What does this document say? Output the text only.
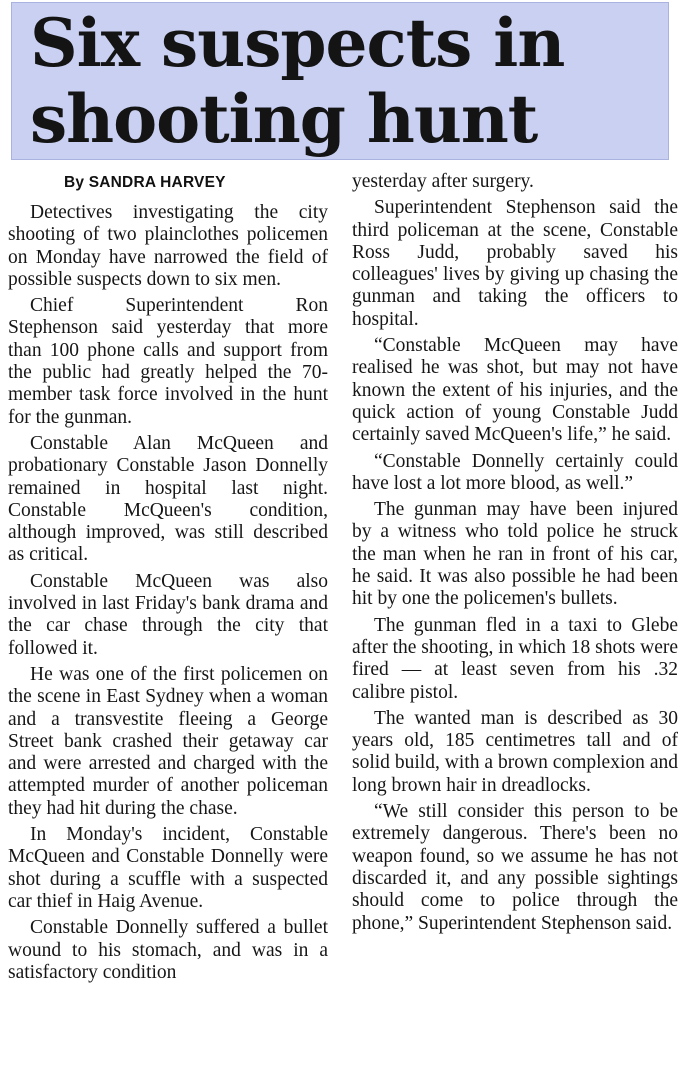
Six suspects in
shooting hunt
By SANDRA HARVEY

Detectives investigating the city shooting of two plainclothes policemen on Monday have narrowed the field of possible suspects down to six men.

Chief Superintendent Ron Stephenson said yesterday that more than 100 phone calls and support from the public had greatly helped the 70-member task force involved in the hunt for the gunman.

Constable Alan McQueen and probationary Constable Jason Donnelly remained in hospital last night. Constable McQueen's condition, although improved, was still described as critical.

Constable McQueen was also involved in last Friday's bank drama and the car chase through the city that followed it.

He was one of the first policemen on the scene in East Sydney when a woman and a transvestite fleeing a George Street bank crashed their getaway car and were arrested and charged with the attempted murder of another policeman they had hit during the chase.

In Monday's incident, Constable McQueen and Constable Donnelly were shot during a scuffle with a suspected car thief in Haig Avenue.

Constable Donnelly suffered a bullet wound to his stomach, and was in a satisfactory condition

yesterday after surgery.

Superintendent Stephenson said the third policeman at the scene, Constable Ross Judd, probably saved his colleagues' lives by giving up chasing the gunman and taking the officers to hospital.

“Constable McQueen may have realised he was shot, but may not have known the extent of his injuries, and the quick action of young Constable Judd certainly saved McQueen's life,” he said.

“Constable Donnelly certainly could have lost a lot more blood, as well.”

The gunman may have been injured by a witness who told police he struck the man when he ran in front of his car, he said. It was also possible he had been hit by one the policemen's bullets.

The gunman fled in a taxi to Glebe after the shooting, in which 18 shots were fired — at least seven from his .32 calibre pistol.

The wanted man is described as 30 years old, 185 centimetres tall and of solid build, with a brown complexion and long brown hair in dreadlocks.

“We still consider this person to be extremely dangerous. There's been no weapon found, so we assume he has not discarded it, and any possible sightings should come to police through the phone,” Superintendent Stephenson said.
